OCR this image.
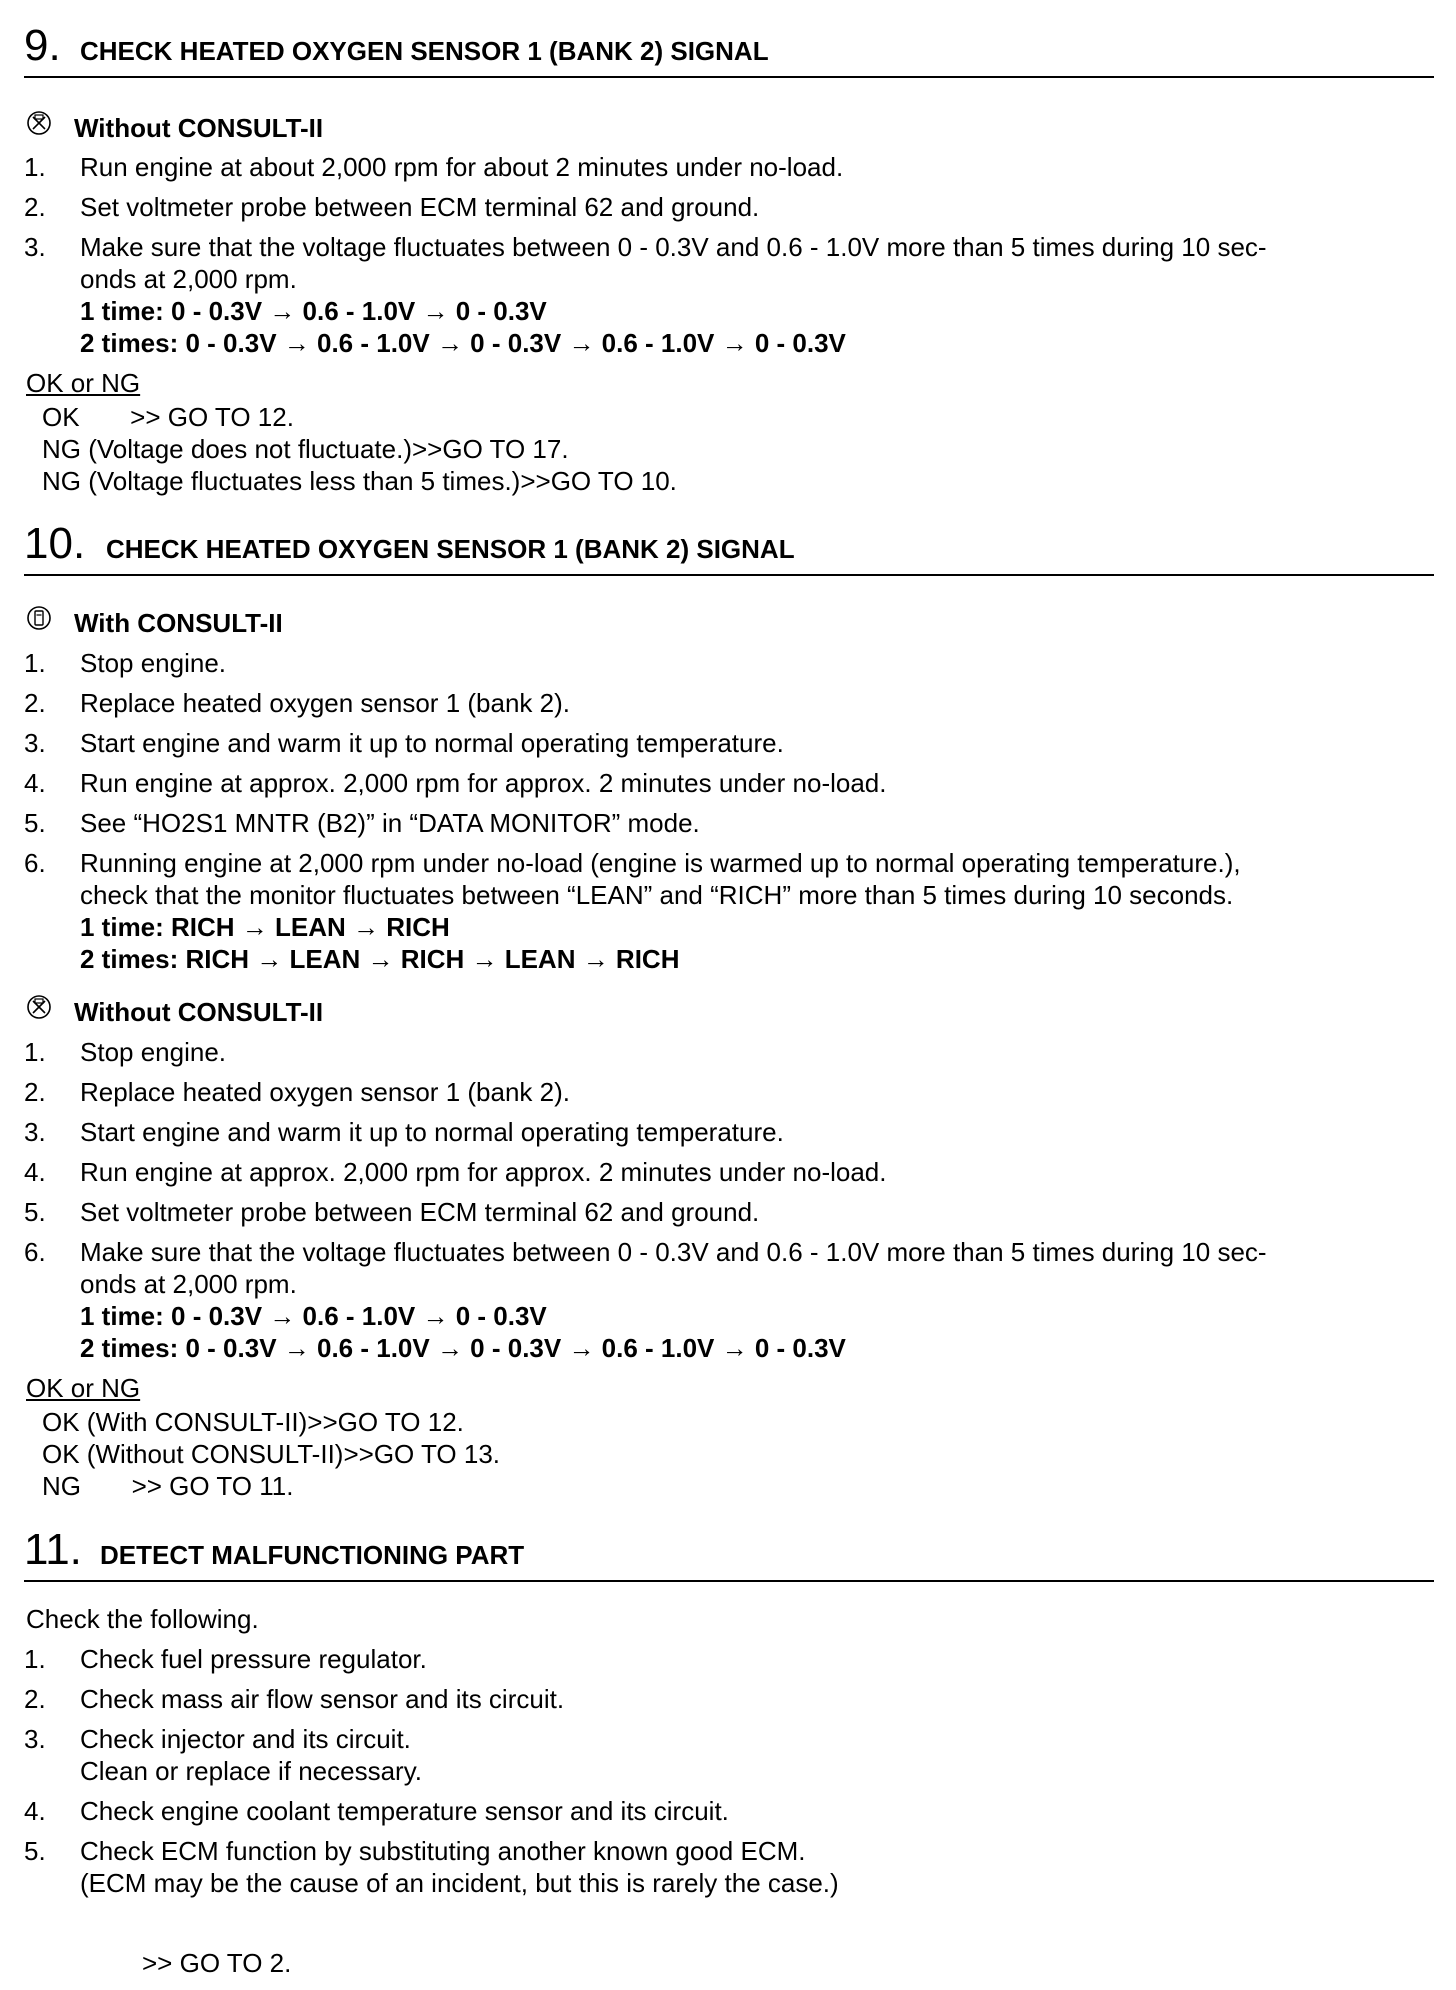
9. CHECK HEATED OXYGEN SENSOR 1 (BANK 2) SIGNAL
Without CONSULT-II
1. Run engine at about 2,000 rpm for about 2 minutes under no-load.
2. Set voltmeter probe between ECM terminal 62 and ground.
3. Make sure that the voltage fluctuates between 0 - 0.3V and 0.6 - 1.0V more than 5 times during 10 sec-
onds at 2,000 rpm.
1 time: 0 - 0.3V → 0.6 - 1.0V → 0 - 0.3V
2 times: 0 - 0.3V → 0.6 - 1.0V → 0 - 0.3V → 0.6 - 1.0V → 0 - 0.3V
OK or NG
OK       >> GO TO 12.
NG (Voltage does not fluctuate.)>>GO TO 17.
NG (Voltage fluctuates less than 5 times.)>>GO TO 10.
10. CHECK HEATED OXYGEN SENSOR 1 (BANK 2) SIGNAL
With CONSULT-II
1. Stop engine.
2. Replace heated oxygen sensor 1 (bank 2).
3. Start engine and warm it up to normal operating temperature.
4. Run engine at approx. 2,000 rpm for approx. 2 minutes under no-load.
5. See “HO2S1 MNTR (B2)” in “DATA MONITOR” mode.
6. Running engine at 2,000 rpm under no-load (engine is warmed up to normal operating temperature.),
check that the monitor fluctuates between “LEAN” and “RICH” more than 5 times during 10 seconds.
1 time: RICH → LEAN → RICH
2 times: RICH → LEAN → RICH → LEAN → RICH
Without CONSULT-II
1. Stop engine.
2. Replace heated oxygen sensor 1 (bank 2).
3. Start engine and warm it up to normal operating temperature.
4. Run engine at approx. 2,000 rpm for approx. 2 minutes under no-load.
5. Set voltmeter probe between ECM terminal 62 and ground.
6. Make sure that the voltage fluctuates between 0 - 0.3V and 0.6 - 1.0V more than 5 times during 10 sec-
onds at 2,000 rpm.
1 time: 0 - 0.3V → 0.6 - 1.0V → 0 - 0.3V
2 times: 0 - 0.3V → 0.6 - 1.0V → 0 - 0.3V → 0.6 - 1.0V → 0 - 0.3V
OK or NG
OK (With CONSULT-II)>>GO TO 12.
OK (Without CONSULT-II)>>GO TO 13.
NG       >> GO TO 11.
11. DETECT MALFUNCTIONING PART
Check the following.
1. Check fuel pressure regulator.
2. Check mass air flow sensor and its circuit.
3. Check injector and its circuit.
Clean or replace if necessary.
4. Check engine coolant temperature sensor and its circuit.
5. Check ECM function by substituting another known good ECM.
(ECM may be the cause of an incident, but this is rarely the case.)
>> GO TO 2.
